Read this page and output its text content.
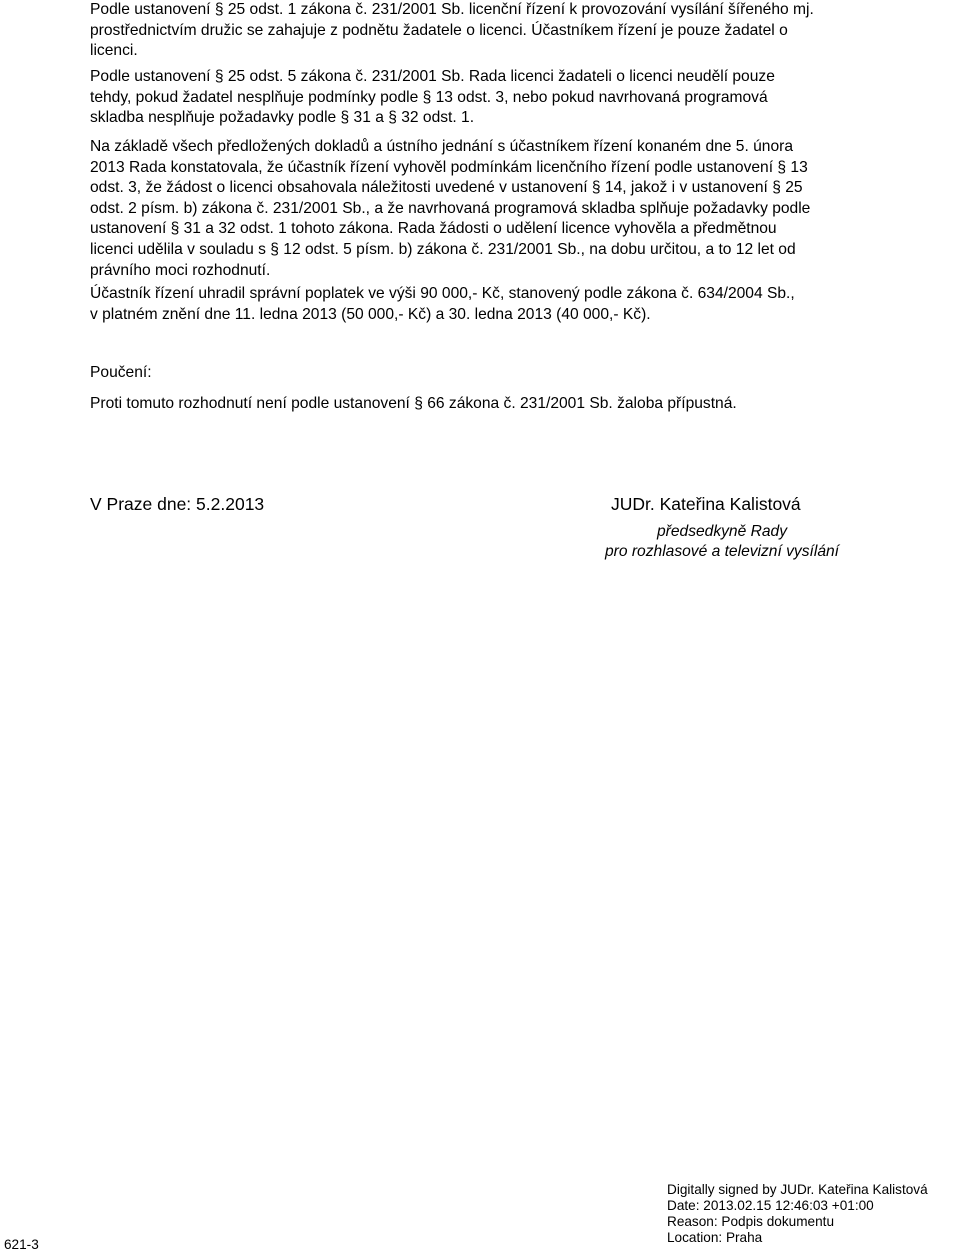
Podle ustanovení § 25 odst. 1 zákona č. 231/2001 Sb. licenční řízení k provozování vysílání šířeného mj.
prostřednictvím družic se zahajuje z podnětu žadatele o licenci. Účastníkem řízení je pouze žadatel o
licenci.

Podle ustanovení § 25 odst. 5 zákona č. 231/2001 Sb. Rada licenci žadateli o licenci neudělí pouze
tehdy, pokud žadatel nesplňuje podmínky podle § 13 odst. 3, nebo pokud navrhovaná programová
skladba nesplňuje požadavky podle § 31 a § 32 odst. 1.

Na základě všech předložených dokladů a ústního jednání s účastníkem řízení konaném dne 5. února
2013 Rada konstatovala, že účastník řízení vyhověl podmínkám licenčního řízení podle ustanovení § 13
odst. 3, že žádost o licenci obsahovala náležitosti uvedené v ustanovení § 14, jakož i v ustanovení § 25
odst. 2 písm. b) zákona č. 231/2001 Sb., a že navrhovaná programová skladba splňuje požadavky podle
ustanovení § 31 a 32 odst. 1 tohoto zákona. Rada žádosti o udělení licence vyhověla a předmětnou
licenci udělila v souladu s § 12 odst. 5 písm. b) zákona č. 231/2001 Sb., na dobu určitou, a to 12 let od
právního moci rozhodnutí.

Účastník řízení uhradil správní poplatek ve výši 90 000,- Kč, stanovený podle zákona č. 634/2004 Sb.,
v platném znění dne 11. ledna 2013 (50 000,- Kč) a 30. ledna 2013 (40 000,- Kč).

Poučení:

Proti tomuto rozhodnutí není podle ustanovení § 66 zákona č. 231/2001 Sb. žaloba přípustná.

V Praze dne: 5.2.2013	JUDr. Kateřina Kalistová
předsedkyně Rady
pro rozhlasové a televizní vysílání
Digitally signed by JUDr. Kateřina Kalistová
Date: 2013.02.15 12:46:03 +01:00
Reason: Podpis dokumentu
Location: Praha
621-3
